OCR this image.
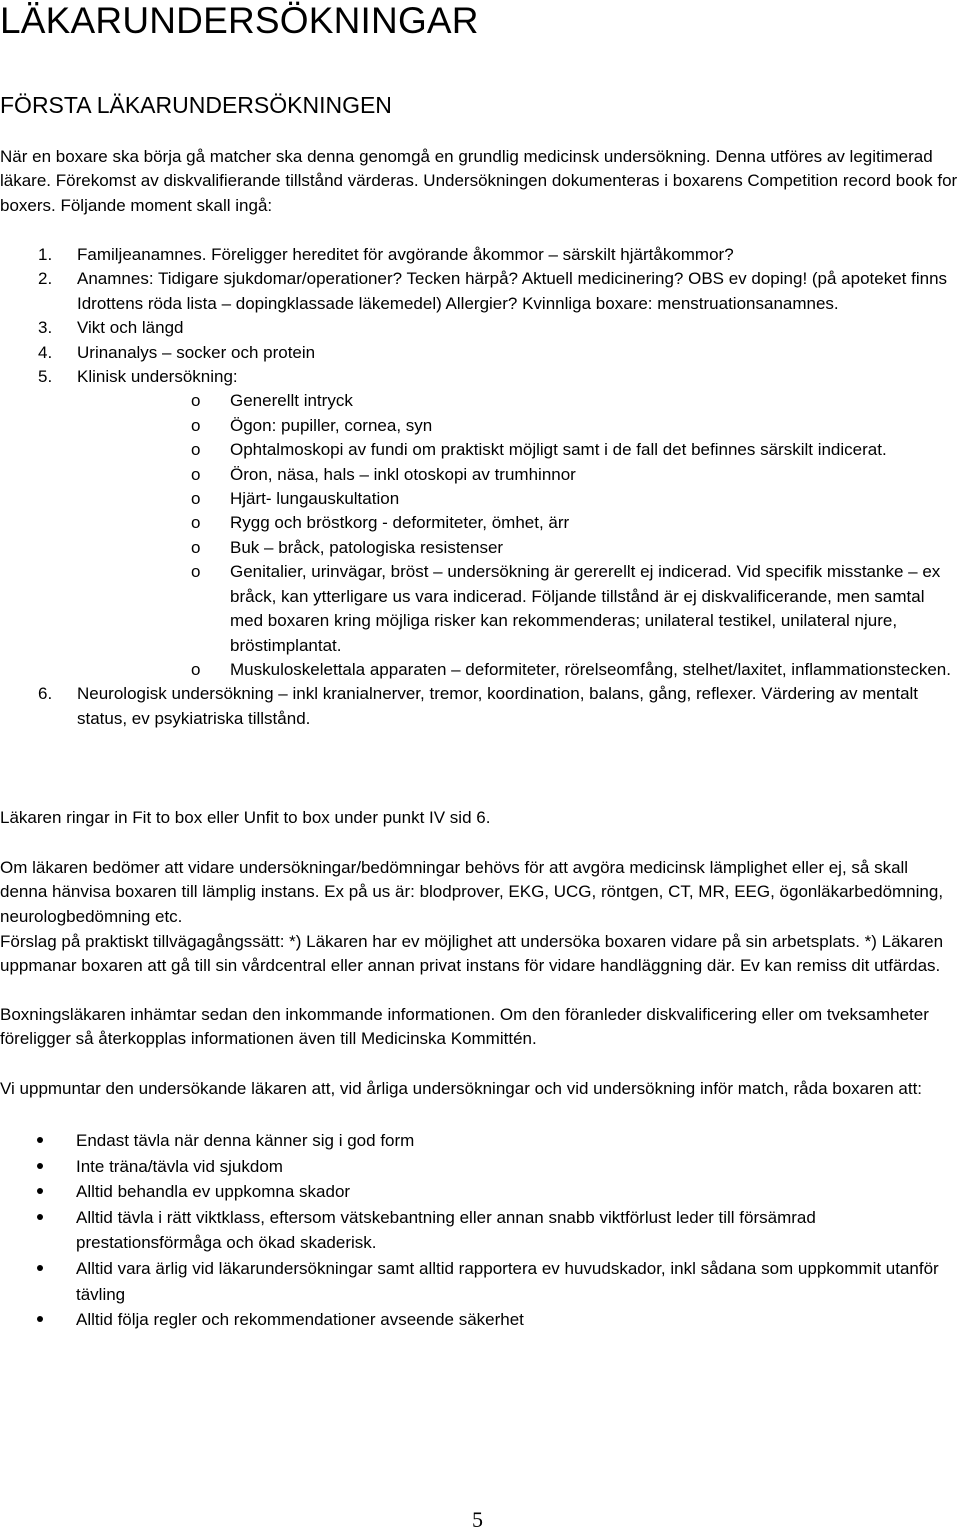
LÄKARUNDERSÖKNINGAR
FÖRSTA LÄKARUNDERSÖKNINGEN

När en boxare ska börja gå matcher ska denna genomgå en grundlig medicinsk undersökning. Denna utföres av legitimerad läkare. Förekomst av diskvalifierande tillstånd värderas. Undersökningen dokumenteras i boxarens Competition record book for boxers. Följande moment skall ingå:

1. Familjeanamnes. Föreligger hereditet för avgörande åkommor – särskilt hjärtåkommor?
2. Anamnes: Tidigare sjukdomar/operationer? Tecken härpå? Aktuell medicinering? OBS ev doping! (på apoteket finns Idrottens röda lista – dopingklassade läkemedel) Allergier? Kvinnliga boxare: menstruationsanamnes.
3. Vikt och längd
4. Urinanalys – socker och protein
5. Klinisk undersökning:
o Generellt intryck
o Ögon: pupiller, cornea, syn
o Ophtalmoskopi av fundi om praktiskt möjligt samt i de fall det befinnes särskilt indicerat.
o Öron, näsa, hals – inkl otoskopi av trumhinnor
o Hjärt- lungauskultation
o Rygg och bröstkorg - deformiteter, ömhet, ärr
o Buk – bråck, patologiska resistenser
o Genitalier, urinvägar, bröst – undersökning är gererellt ej indicerad. Vid specifik misstanke – ex bråck, kan ytterligare us vara indicerad. Följande tillstånd är ej diskvalificerande, men samtal med boxaren kring möjliga risker kan rekommenderas; unilateral testikel, unilateral njure, bröstimplantat.
o Muskuloskelettala apparaten – deformiteter, rörelseomfång, stelhet/laxitet, inflammationstecken.
6. Neurologisk undersökning – inkl kranialnerver, tremor, koordination, balans, gång, reflexer. Värdering av mentalt status, ev psykiatriska tillstånd.

Läkaren ringar in Fit to box eller Unfit to box under punkt IV sid 6.

Om läkaren bedömer att vidare undersökningar/bedömningar behövs för att avgöra medicinsk lämplighet eller ej, så skall denna hänvisa boxaren till lämplig instans. Ex på us är: blodprover, EKG, UCG, röntgen, CT, MR, EEG, ögonläkarbedömning, neurologbedömning etc.

Förslag på praktiskt tillvägagångssätt: *) Läkaren har ev möjlighet att undersöka boxaren vidare på sin arbetsplats. *) Läkaren uppmanar boxaren att gå till sin vårdcentral eller annan privat instans för vidare handläggning där. Ev kan remiss dit utfärdas.

Boxningsläkaren inhämtar sedan den inkommande informationen. Om den föranleder diskvalificering eller om tveksamheter föreligger så återkopplas informationen även till Medicinska Kommittén.

Vi uppmuntar den undersökande läkaren att, vid årliga undersökningar och vid undersökning inför match, råda boxaren att:

Endast tävla när denna känner sig i god form
Inte träna/tävla vid sjukdom
Alltid behandla ev uppkomna skador
Alltid tävla i rätt viktklass, eftersom vätskebantning eller annan snabb viktförlust leder till försämrad prestationsförmåga och ökad skaderisk.
Alltid vara ärlig vid läkarundersökningar samt alltid rapportera ev huvudskador, inkl sådana som uppkommit utanför tävling
Alltid följa regler och rekommendationer avseende säkerhet
5
